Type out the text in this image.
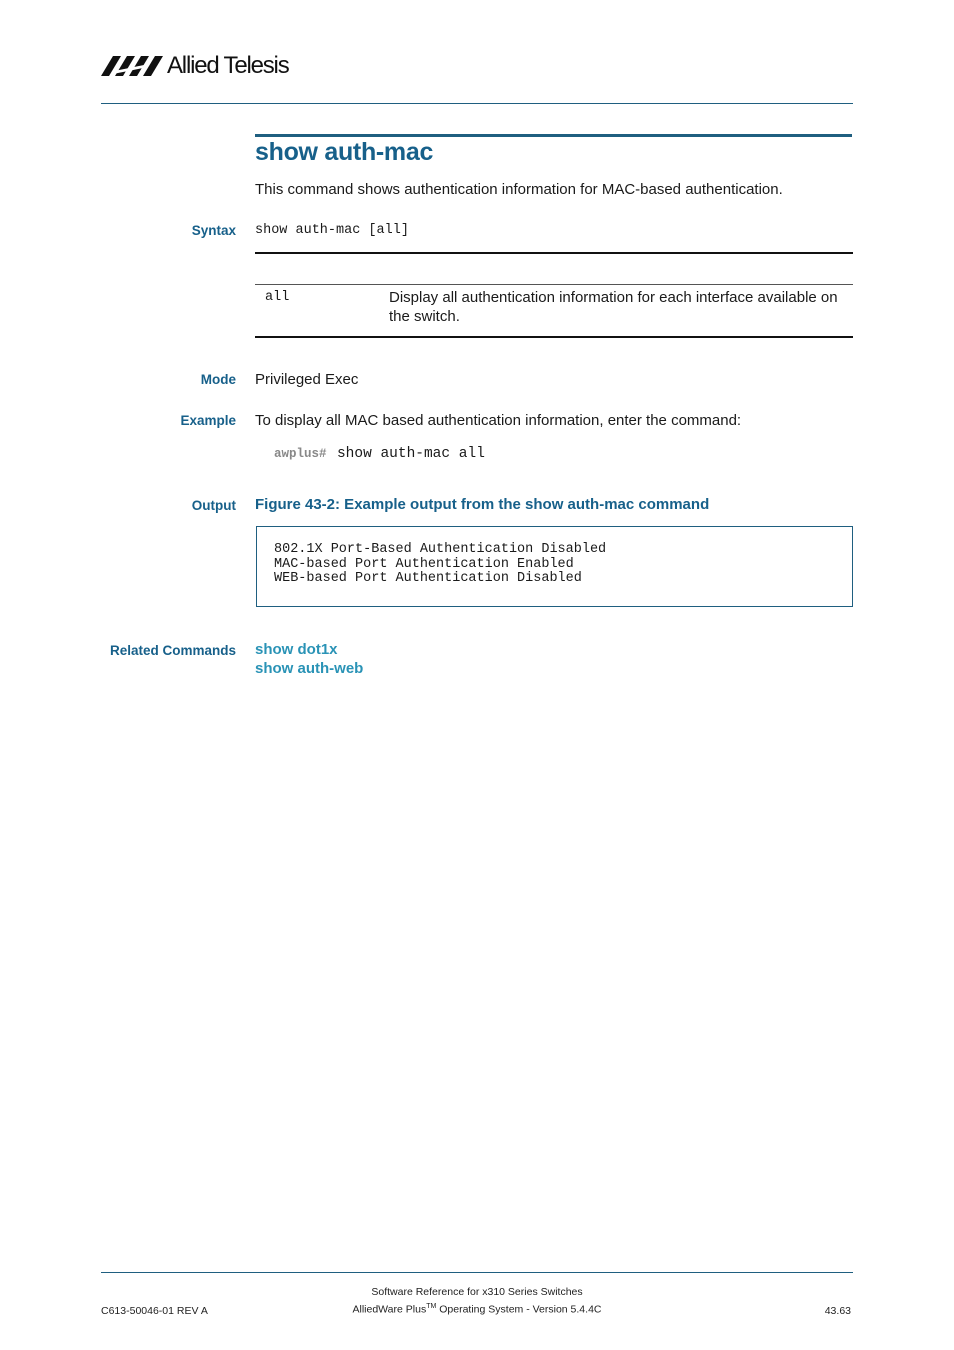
Allied Telesis
show auth-mac
This command shows authentication information for MAC-based authentication.
Syntax show auth-mac [all]
all	Display all authentication information for each interface available on the switch.
Mode Privileged Exec
Example To display all MAC based authentication information, enter the command:
awplus# show auth-mac all
Output Figure 43-2: Example output from the show auth-mac command
802.1X Port-Based Authentication Disabled
MAC-based Port Authentication Enabled
WEB-based Port Authentication Disabled
Related Commands show dot1x
show auth-web
Software Reference for x310 Series Switches
C613-50046-01 REV A	AlliedWare Plus™ Operating System - Version 5.4.4C	43.63
